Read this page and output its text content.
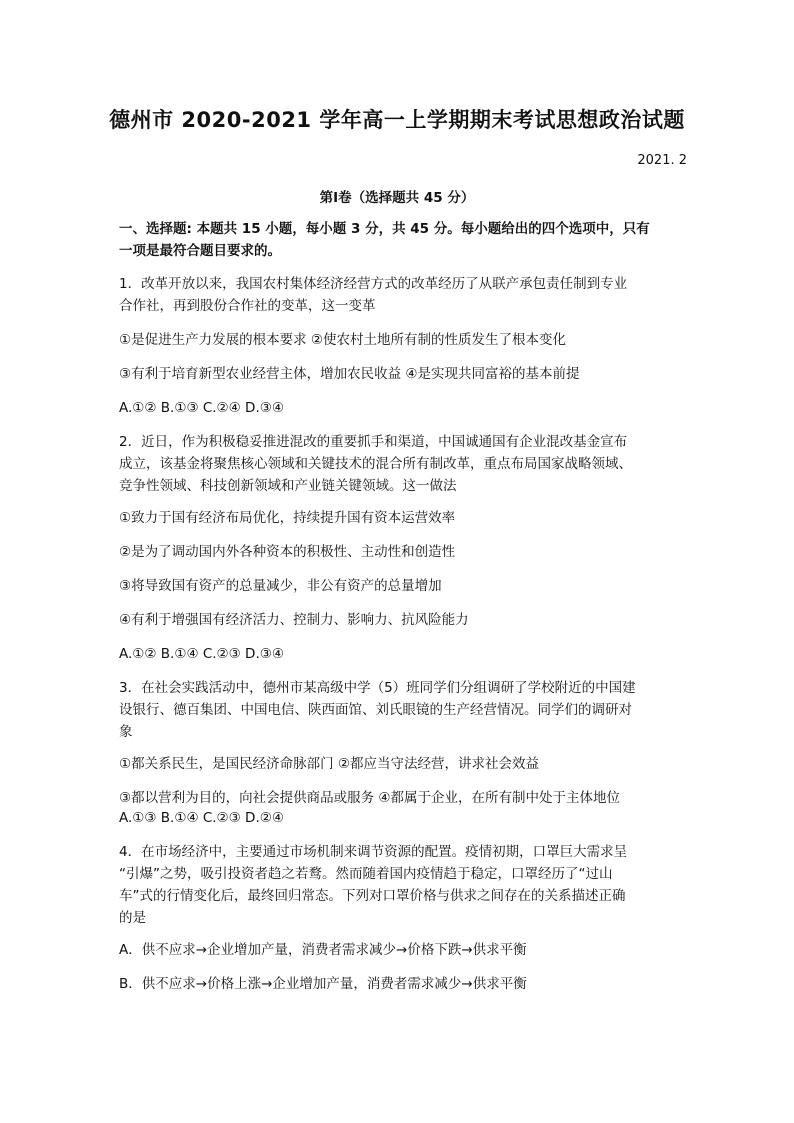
德州市 2020-2021 学年高一上学期期末考试思想政治试题
2021. 2
第Ⅰ卷（选择题共 45 分）
一、选择题: 本题共 15 小题，每小题 3 分，共 45 分。每小题给出的四个选项中，只有
一项是最符合题目要求的。
1．改革开放以来，我国农村集体经济经营方式的改革经历了从联产承包责任制到专业
合作社，再到股份合作社的变革，这一变革
①是促进生产力发展的根本要求 ②使农村土地所有制的性质发生了根本变化
③有利于培育新型农业经营主体，增加农民收益 ④是实现共同富裕的基本前提
A.①② B.①③ C.②④ D.③④
2．近日，作为积极稳妥推进混改的重要抓手和渠道，中国诚通国有企业混改基金宣布
成立，该基金将聚焦核心领域和关键技术的混合所有制改革，重点布局国家战略领域、
竞争性领域、科技创新领域和产业链关键领域。这一做法
①致力于国有经济布局优化，持续提升国有资本运营效率
②是为了调动国内外各种资本的积极性、主动性和创造性
③将导致国有资产的总量减少，非公有资产的总量增加
④有利于增强国有经济活力、控制力、影响力、抗风险能力
A.①② B.①④ C.②③ D.③④
3．在社会实践活动中，德州市某高级中学（5）班同学们分组调研了学校附近的中国建
设银行、德百集团、中国电信、陕西面馆、刘氏眼镜的生产经营情况。同学们的调研对
象
①都关系民生，是国民经济命脉部门 ②都应当守法经营，讲求社会效益
③都以营利为目的，向社会提供商品或服务 ④都属于企业，在所有制中处于主体地位
A.①③ B.①④ C.②③ D.②④
4．在市场经济中，主要通过市场机制来调节资源的配置。疫情初期，口罩巨大需求呈
“引爆”之势，吸引投资者趋之若鹜。然而随着国内疫情趋于稳定，口罩经历了“过山
车”式的行情变化后，最终回归常态。下列对口罩价格与供求之间存在的关系描述正确
的是
A．供不应求→企业增加产量，消费者需求减少→价格下跌→供求平衡
B．供不应求→价格上涨→企业增加产量，消费者需求减少→供求平衡
